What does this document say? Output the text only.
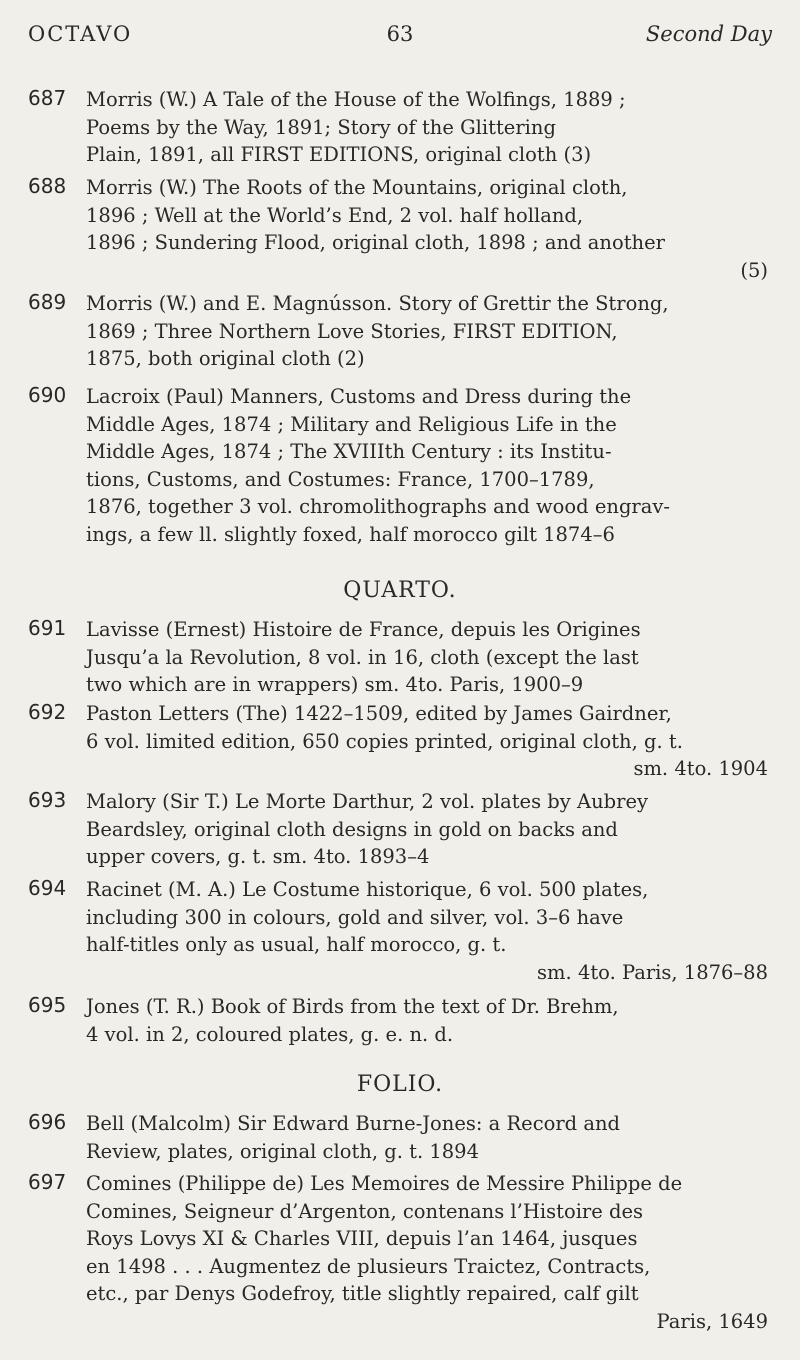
OCTAVO	63	Second Day
687	Morris (W.) A Tale of the House of the Wolfings, 1889 ;
Poems by the Way, 1891; Story of the Glittering
Plain, 1891, all FIRST EDITIONS, original cloth (3)
688	Morris (W.) The Roots of the Mountains, original cloth,
1896 ; Well at the World’s End, 2 vol. half holland,
1896 ; Sundering Flood, original cloth, 1898 ; and another
(5)
689	Morris (W.) and E. Magnússon. Story of Grettir the Strong,
1869 ; Three Northern Love Stories, FIRST EDITION,
1875, both original cloth (2)
690	Lacroix (Paul) Manners, Customs and Dress during the
Middle Ages, 1874 ; Military and Religious Life in the
Middle Ages, 1874 ; The XVIIIth Century : its Institu-
tions, Customs, and Costumes: France, 1700–1789,
1876, together 3 vol. chromolithographs and wood engrav-
ings, a few ll. slightly foxed, half morocco gilt 1874–6
QUARTO.
691	Lavisse (Ernest) Histoire de France, depuis les Origines
Jusqu’a la Revolution, 8 vol. in 16, cloth (except the last
two which are in wrappers) sm. 4to. Paris, 1900–9
692	Paston Letters (The) 1422–1509, edited by James Gairdner,
6 vol. limited edition, 650 copies printed, original cloth, g. t.
sm. 4to. 1904
693	Malory (Sir T.) Le Morte Darthur, 2 vol. plates by Aubrey
Beardsley, original cloth designs in gold on backs and
upper covers, g. t. sm. 4to. 1893–4
694	Racinet (M. A.) Le Costume historique, 6 vol. 500 plates,
including 300 in colours, gold and silver, vol. 3–6 have
half-titles only as usual, half morocco, g. t.
sm. 4to. Paris, 1876–88
695	Jones (T. R.) Book of Birds from the text of Dr. Brehm,
4 vol. in 2, coloured plates, g. e. n. d.
FOLIO.
696	Bell (Malcolm) Sir Edward Burne-Jones: a Record and
Review, plates, original cloth, g. t. 1894
697	Comines (Philippe de) Les Memoires de Messire Philippe de
Comines, Seigneur d’Argenton, contenans l’Histoire des
Roys Lovys XI & Charles VIII, depuis l’an 1464, jusques
en 1498 . . . Augmentez de plusieurs Traictez, Contracts,
etc., par Denys Godefroy, title slightly repaired, calf gilt
Paris, 1649
